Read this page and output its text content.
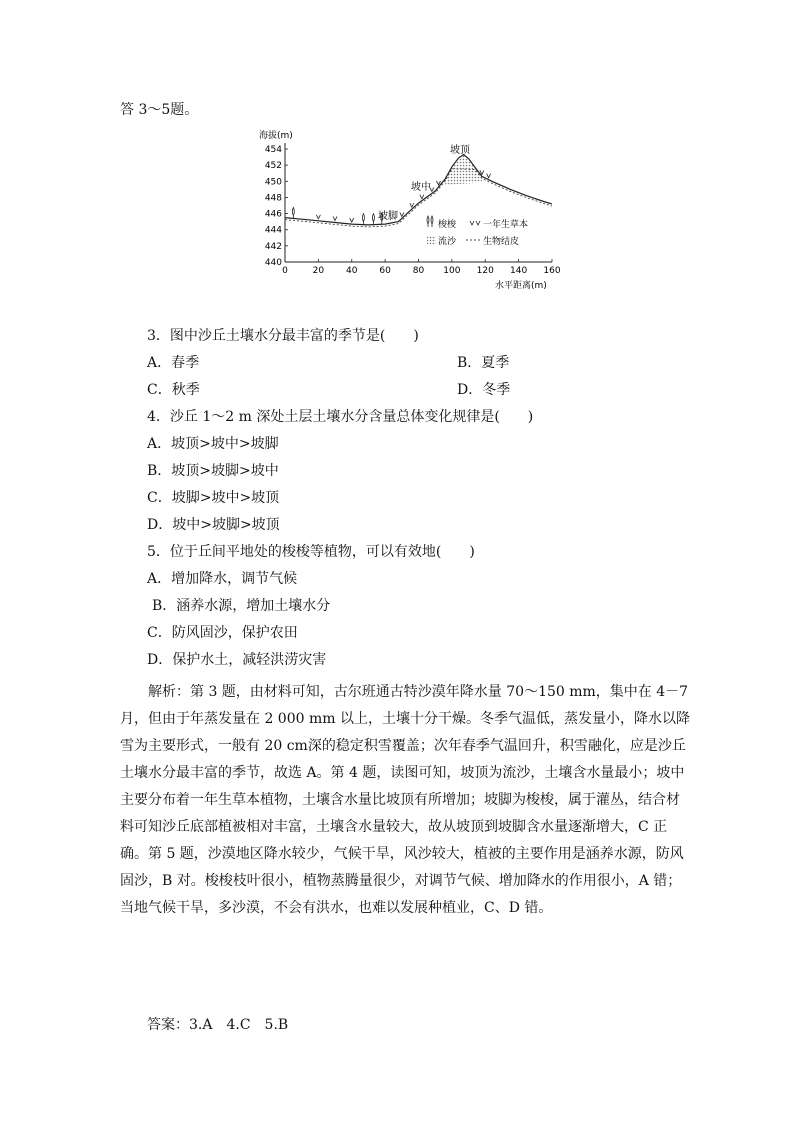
答 3～5题。
440
442
444
446
448
450
452
454
0	20 40 60 80 100 120 140 160
海拔(m)
水平距离(m)
坡顶
坡中
坡脚
梭梭	一年生草本
流沙	生物结皮
3．图中沙丘土壤水分最丰富的季节是(　　)
A．春季	B．夏季
C．秋季	D．冬季
4．沙丘 1～2 m 深处土层土壤水分含量总体变化规律是(　　)
A．坡顶>坡中>坡脚
B．坡顶>坡脚>坡中
C．坡脚>坡中>坡顶
D．坡中>坡脚>坡顶
5．位于丘间平地处的梭梭等植物，可以有效地(　　)
A．增加降水，调节气候
B．涵养水源，增加土壤水分
C．防风固沙，保护农田
D．保护水土，减轻洪涝灾害

解析：第 3 题，由材料可知，古尔班通古特沙漠年降水量 70～150 mm，集中在 4－7 月，但由于年蒸发量在 2 000 mm 以上，土壤十分干燥。冬季气温低，蒸发量小，降水以降雪为主要形式，一般有 20 cm深的稳定积雪覆盖；次年春季气温回升，积雪融化，应是沙丘土壤水分最丰富的季节，故选 A。第 4 题，读图可知，坡顶为流沙，土壤含水量最小；坡中主要分布着一年生草本植物，土壤含水量比坡顶有所增加；坡脚为梭梭，属于灌丛，结合材料可知沙丘底部植被相对丰富，土壤含水量较大，故从坡顶到坡脚含水量逐渐增大，C 正确。第 5 题，沙漠地区降水较少，气候干旱，风沙较大，植被的主要作用是涵养水源，防风固沙，B 对。梭梭枝叶很小，植物蒸腾量很少，对调节气候、增加降水的作用很小，A 错；当地气候干旱，多沙漠，不会有洪水，也难以发展种植业，C、D 错。

答案：3.A　4.C　5.B
